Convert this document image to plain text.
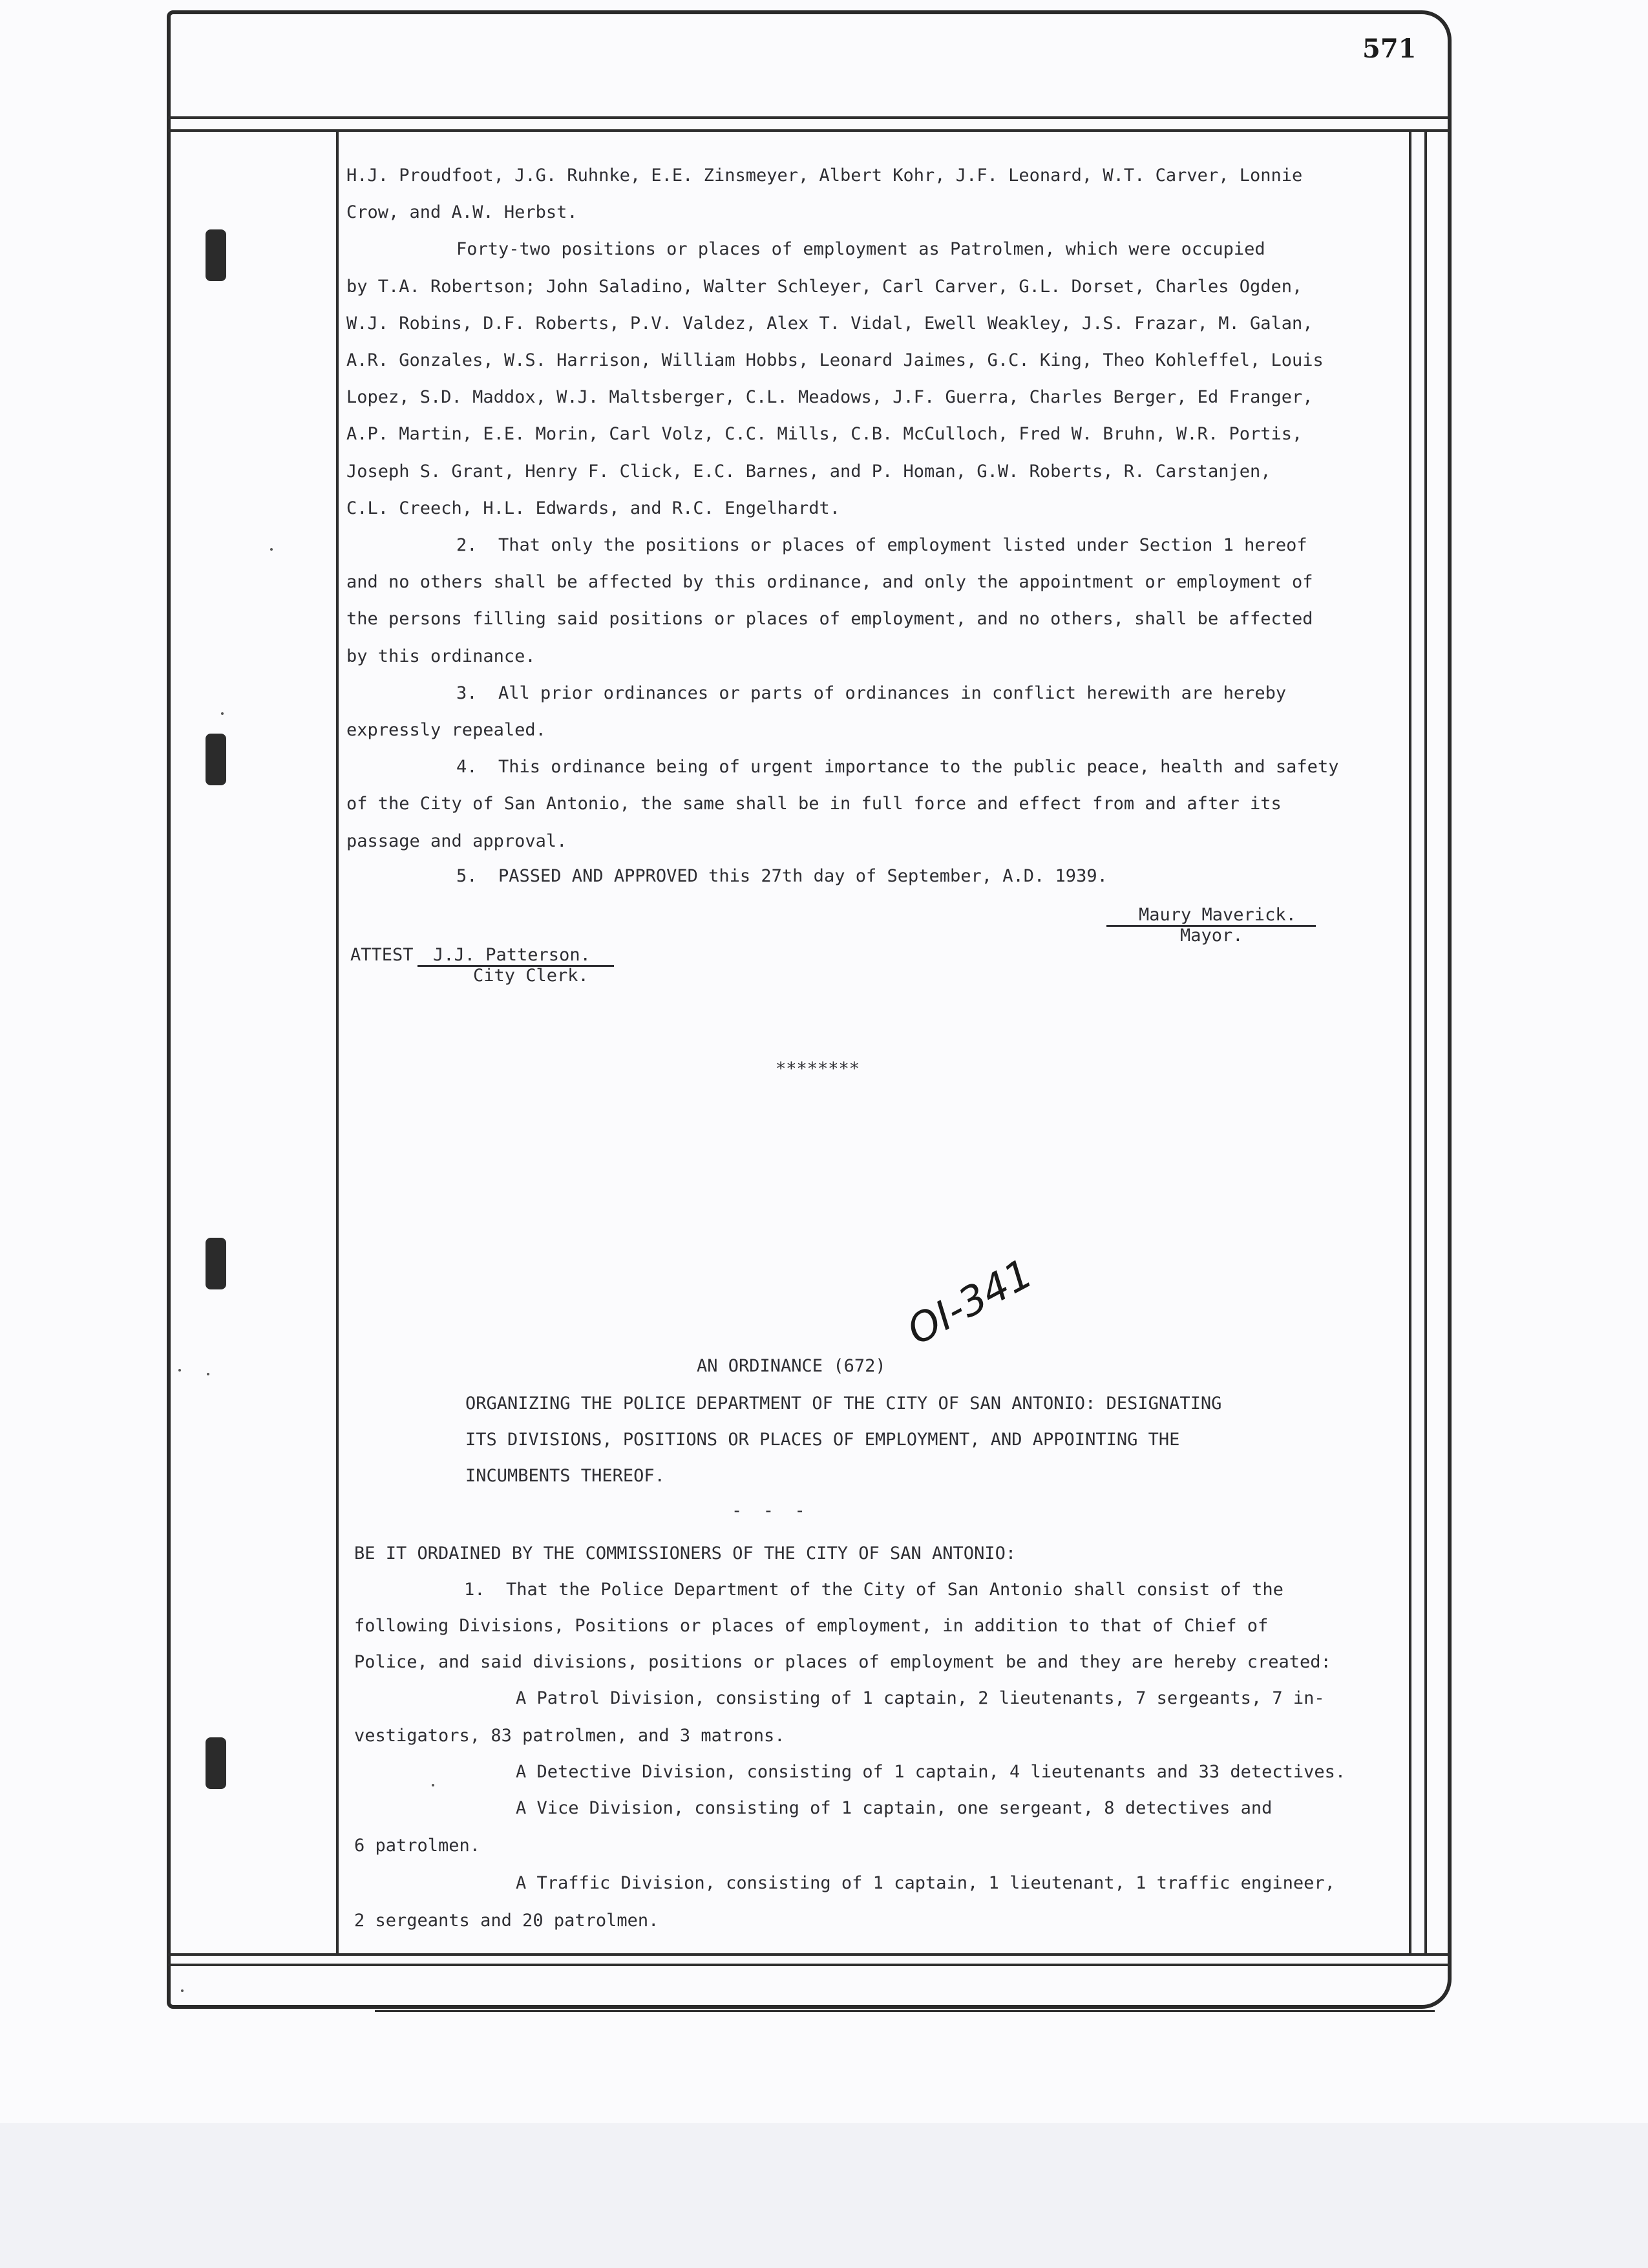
571
H.J. Proudfoot, J.G. Ruhnke, E.E. Zinsmeyer, Albert Kohr, J.F. Leonard, W.T. Carver, Lonnie
Crow, and A.W. Herbst.
Forty-two positions or places of employment as Patrolmen, which were occupied
by T.A. Robertson; John Saladino, Walter Schleyer, Carl Carver, G.L. Dorset, Charles Ogden,
W.J. Robins, D.F. Roberts, P.V. Valdez, Alex T. Vidal, Ewell Weakley, J.S. Frazar, M. Galan,
A.R. Gonzales, W.S. Harrison, William Hobbs, Leonard Jaimes, G.C. King, Theo Kohleffel, Louis
Lopez, S.D. Maddox, W.J. Maltsberger, C.L. Meadows, J.F. Guerra, Charles Berger, Ed Franger,
A.P. Martin, E.E. Morin, Carl Volz, C.C. Mills, C.B. McCulloch, Fred W. Bruhn, W.R. Portis,
Joseph S. Grant, Henry F. Click, E.C. Barnes, and P. Homan, G.W. Roberts, R. Carstanjen,
C.L. Creech, H.L. Edwards, and R.C. Engelhardt.
2.  That only the positions or places of employment listed under Section 1 hereof
and no others shall be affected by this ordinance, and only the appointment or employment of
the persons filling said positions or places of employment, and no others, shall be affected
by this ordinance.
3.  All prior ordinances or parts of ordinances in conflict herewith are hereby
expressly repealed.
4.  This ordinance being of urgent importance to the public peace, health and safety
of the City of San Antonio, the same shall be in full force and effect from and after its
passage and approval.
5.  PASSED AND APPROVED this 27th day of September, A.D. 1939.
Maury Maverick.
Mayor.
ATTEST	J.J. Patterson.
City Clerk.
********
AN ORDINANCE (672)
ORGANIZING THE POLICE DEPARTMENT OF THE CITY OF SAN ANTONIO: DESIGNATING
ITS DIVISIONS, POSITIONS OR PLACES OF EMPLOYMENT, AND APPOINTING THE
INCUMBENTS THEREOF.
-  -  -
BE IT ORDAINED BY THE COMMISSIONERS OF THE CITY OF SAN ANTONIO:
1.  That the Police Department of the City of San Antonio shall consist of the
following Divisions, Positions or places of employment, in addition to that of Chief of
Police, and said divisions, positions or places of employment be and they are hereby created:
A Patrol Division, consisting of 1 captain, 2 lieutenants, 7 sergeants, 7 in-
vestigators, 83 patrolmen, and 3 matrons.
A Detective Division, consisting of 1 captain, 4 lieutenants and 33 detectives.
A Vice Division, consisting of 1 captain, one sergeant, 8 detectives and
6 patrolmen.
A Traffic Division, consisting of 1 captain, 1 lieutenant, 1 traffic engineer,
2 sergeants and 20 patrolmen.
OI-341
